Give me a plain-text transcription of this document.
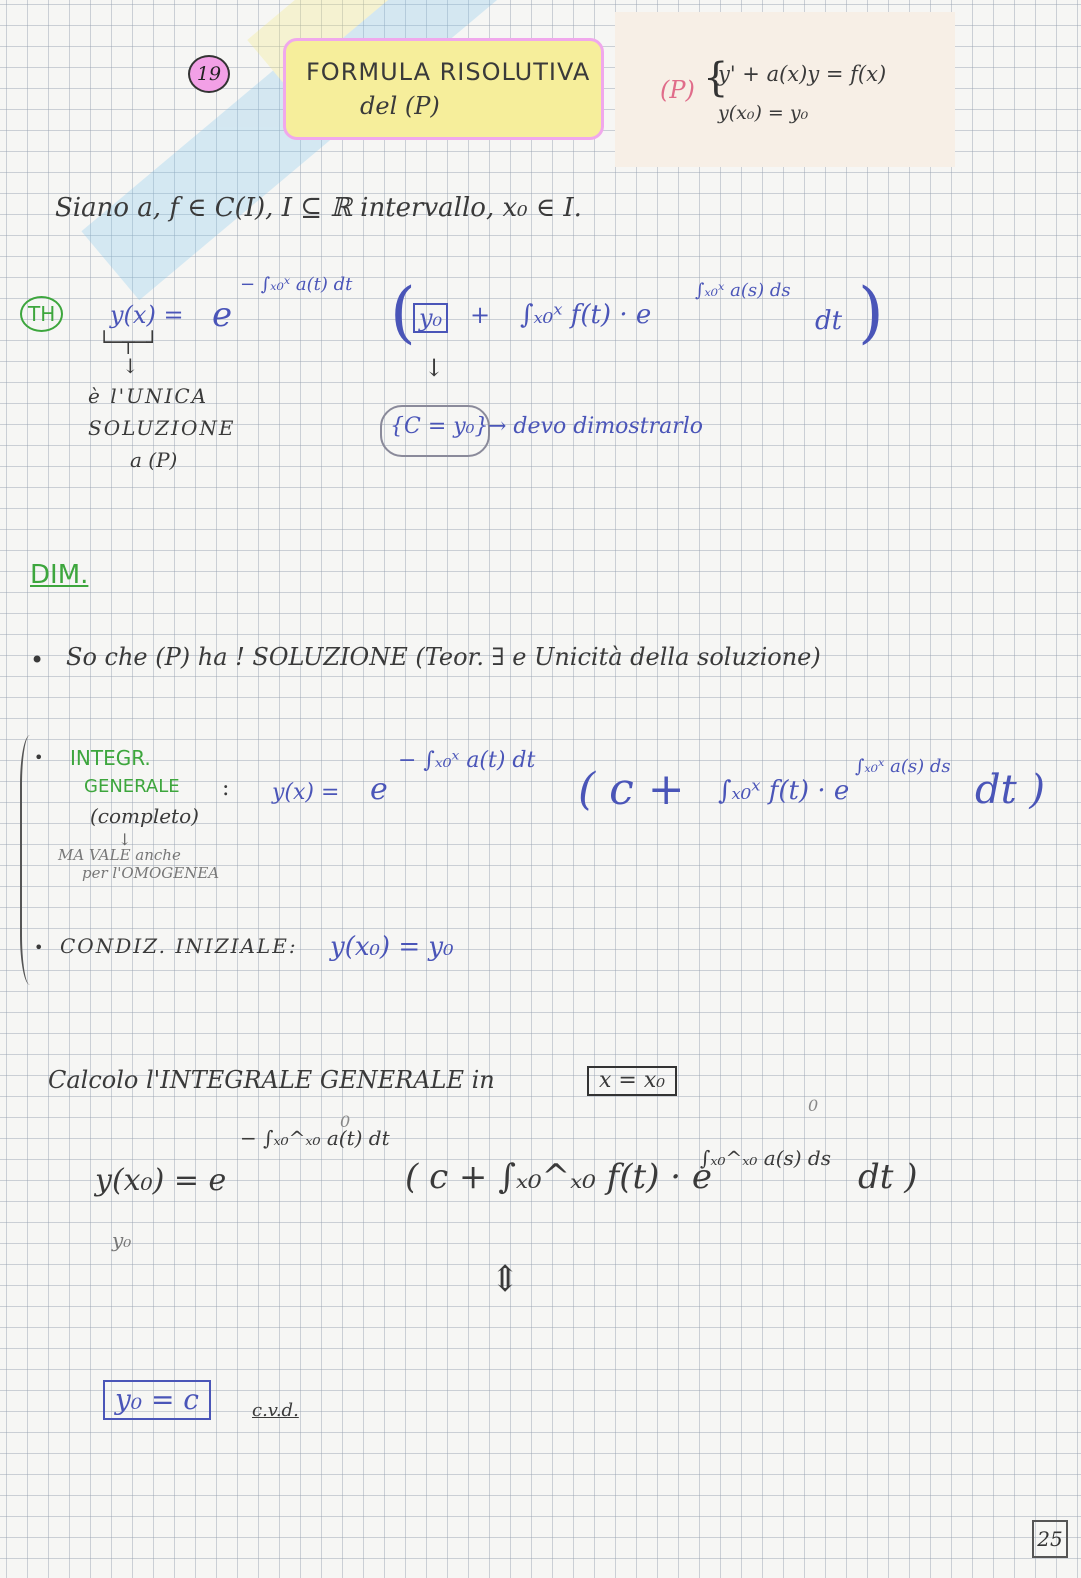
19	FORMULA RISOLUTIVA
del (P)
(P) {
y' + a(x)y = f(x)
y(x₀) = y₀
Siano a, f ∈ C(I), I ⊆ ℝ intervallo, x₀ ∈ I.
TH	y(x) = e
− ∫ₓ₀ˣ a(t) dt ( y₀ + ∫ₓ₀ˣ f(t) · e
∫ₓ₀ˣ a(s) ds
dt )
└─┬─┘
↓
è l'UNICA
SOLUZIONE
a (P)
↓
{C = y₀} → devo dimostrarlo
DIM.
• So che (P) ha ! SOLUZIONE (Teor. ∃ e Unicità della soluzione)
• INTEGR.
GENERALE
(completo)
:
↓
MA VALE anche
per l'OMOGENEA
y(x) = e
− ∫ₓ₀ˣ a(t) dt
( c + ∫ₓ₀ˣ f(t) · e
∫ₓ₀ˣ a(s) ds
dt )
• CONDIZ. INIZIALE: y(x₀) = y₀
Calcolo l'INTEGRALE GENERALE in	x = x₀
y(x₀) = e
− ∫ₓ₀^ₓ₀ a(t) dt
( c + ∫ₓ₀^ₓ₀ f(t) · e
∫ₓ₀^ₓ₀ a(s) ds dt )
y₀
0
0
⇕
y₀ = c	c.v.d.
25
